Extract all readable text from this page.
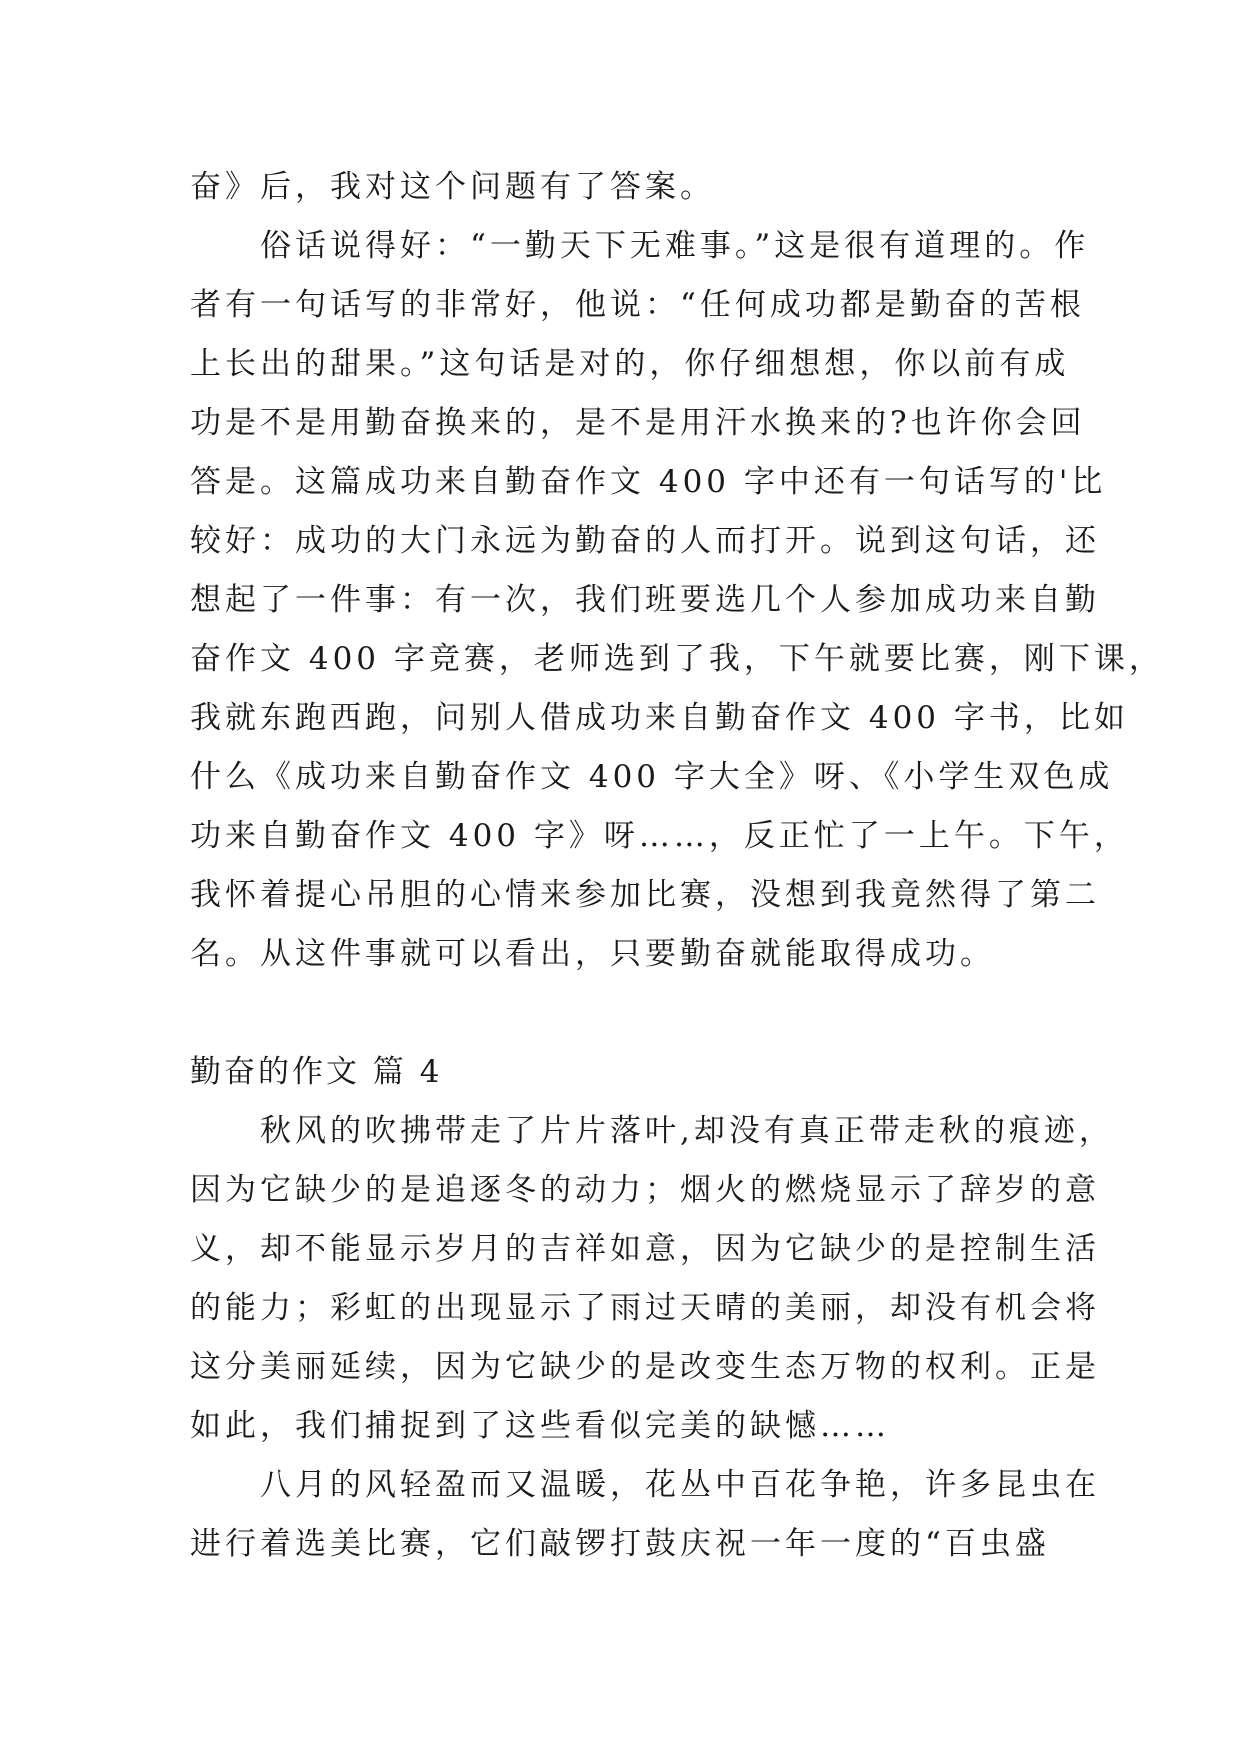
奋》后，我对这个问题有了答案。

俗话说得好：“一勤天下无难事。”这是很有道理的。作
者有一句话写的非常好，他说：“任何成功都是勤奋的苦根
上长出的甜果。”这句话是对的，你仔细想想，你以前有成
功是不是用勤奋换来的，是不是用汗水换来的?也许你会回
答是。这篇成功来自勤奋作文 400 字中还有一句话写的'比
较好：成功的大门永远为勤奋的人而打开。说到这句话，还
想起了一件事：有一次，我们班要选几个人参加成功来自勤
奋作文 400 字竞赛，老师选到了我，下午就要比赛，刚下课，
我就东跑西跑，问别人借成功来自勤奋作文 400 字书，比如
什么《成功来自勤奋作文 400 字大全》呀、《小学生双色成
功来自勤奋作文 400 字》呀……，反正忙了一上午。下午，
我怀着提心吊胆的心情来参加比赛，没想到我竟然得了第二
名。从这件事就可以看出，只要勤奋就能取得成功。
勤奋的作文 篇 4
秋风的吹拂带走了片片落叶,却没有真正带走秋的痕迹，
因为它缺少的是追逐冬的动力；烟火的燃烧显示了辞岁的意
义，却不能显示岁月的吉祥如意，因为它缺少的是控制生活
的能力；彩虹的出现显示了雨过天晴的美丽，却没有机会将
这分美丽延续，因为它缺少的是改变生态万物的权利。正是
如此，我们捕捉到了这些看似完美的缺憾……
八月的风轻盈而又温暖，花丛中百花争艳，许多昆虫在
进行着选美比赛，它们敲锣打鼓庆祝一年一度的“百虫盛
